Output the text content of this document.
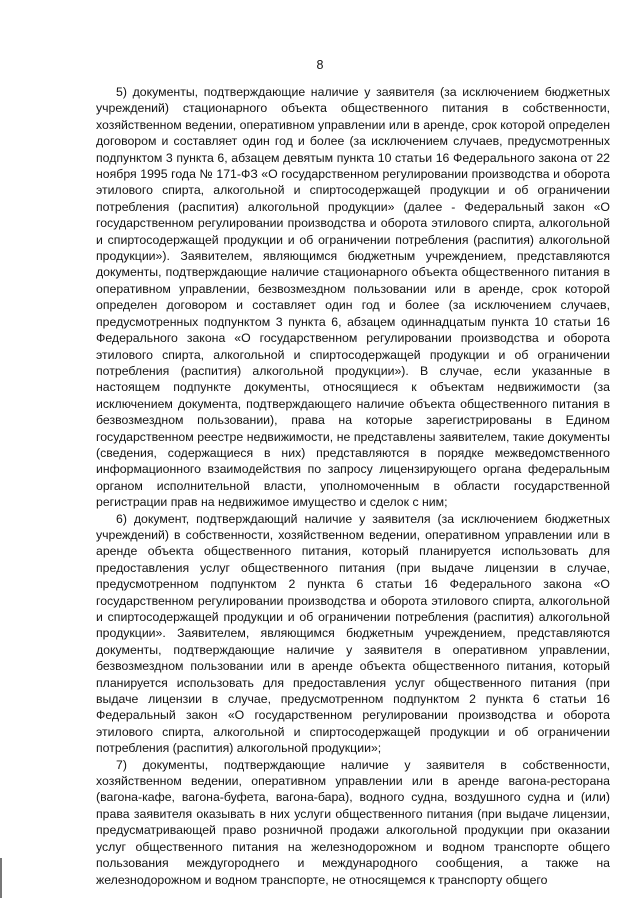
8

5) документы, подтверждающие наличие у заявителя (за исключением бюджетных учреждений) стационарного объекта общественного питания в собственности, хозяйственном ведении, оперативном управлении или в аренде, срок которой определен договором и составляет один год и более (за исключением случаев, предусмотренных подпунктом 3 пункта 6, абзацем девятым пункта 10 статьи 16 Федерального закона от 22 ноября 1995 года № 171-ФЗ «О государственном регулировании производства и оборота этилового спирта, алкогольной и спиртосодержащей продукции и об ограничении потребления (распития) алкогольной продукции» (далее - Федеральный закон «О государственном регулировании производства и оборота этилового спирта, алкогольной и спиртосодержащей продукции и об ограничении потребления (распития) алкогольной продукции»). Заявителем, являющимся бюджетным учреждением, представляются документы, подтверждающие наличие стационарного объекта общественного питания в оперативном управлении, безвозмездном пользовании или в аренде, срок которой определен договором и составляет один год и более (за исключением случаев, предусмотренных подпунктом 3 пункта 6, абзацем одиннадцатым пункта 10 статьи 16 Федерального закона «О государственном регулировании производства и оборота этилового спирта, алкогольной и спиртосодержащей продукции и об ограничении потребления (распития) алкогольной продукции»). В случае, если указанные в настоящем подпункте документы, относящиеся к объектам недвижимости (за исключением документа, подтверждающего наличие объекта общественного питания в безвозмездном пользовании), права на которые зарегистрированы в Едином государственном реестре недвижимости, не представлены заявителем, такие документы (сведения, содержащиеся в них) представляются в порядке межведомственного информационного взаимодействия по запросу лицензирующего органа федеральным органом исполнительной власти, уполномоченным в области государственной регистрации прав на недвижимое имущество и сделок с ним;

6) документ, подтверждающий наличие у заявителя (за исключением бюджетных учреждений) в собственности, хозяйственном ведении, оперативном управлении или в аренде объекта общественного питания, который планируется использовать для предоставления услуг общественного питания (при выдаче лицензии в случае, предусмотренном подпунктом 2 пункта 6 статьи 16 Федерального закона «О государственном регулировании производства и оборота этилового спирта, алкогольной и спиртосодержащей продукции и об ограничении потребления (распития) алкогольной продукции». Заявителем, являющимся бюджетным учреждением, представляются документы, подтверждающие наличие у заявителя в оперативном управлении, безвозмездном пользовании или в аренде объекта общественного питания, который планируется использовать для предоставления услуг общественного питания (при выдаче лицензии в случае, предусмотренном подпунктом 2 пункта 6 статьи 16 Федеральный закон «О государственном регулировании производства и оборота этилового спирта, алкогольной и спиртосодержащей продукции и об ограничении потребления (распития) алкогольной продукции»;

7) документы, подтверждающие наличие у заявителя в собственности, хозяйственном ведении, оперативном управлении или в аренде вагона-ресторана (вагона-кафе, вагона-буфета, вагона-бара), водного судна, воздушного судна и (или) права заявителя оказывать в них услуги общественного питания (при выдаче лицензии, предусматривающей право розничной продажи алкогольной продукции при оказании услуг общественного питания на железнодорожном и водном транспорте общего пользования междугороднего и международного сообщения, а также на железнодорожном и водном транспорте, не относящемся к транспорту общего
